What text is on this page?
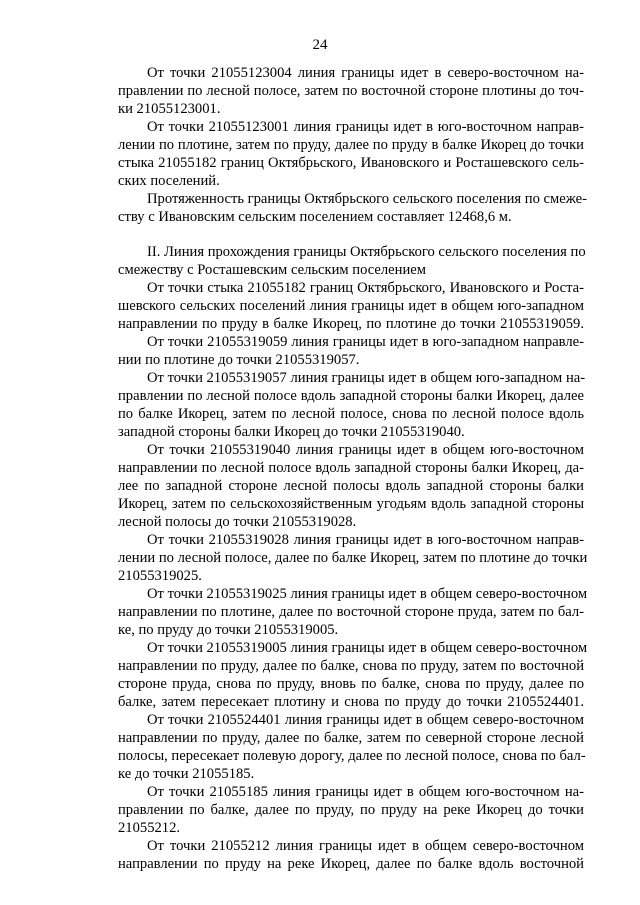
24
От точки 21055123004 линия границы идет в северо-восточном на-
правлении по лесной полосе, затем по восточной стороне плотины до точ-
ки 21055123001.
От точки 21055123001 линия границы идет в юго-восточном направ-
лении по плотине, затем по пруду, далее по пруду в балке Икорец до точки
стыка 21055182 границ Октябрьского, Ивановского и Росташевского сель-
ских поселений.
Протяженность границы Октябрьского сельского поселения по смеже-
ству с Ивановским сельским поселением составляет 12468,6 м.
II. Линия прохождения границы Октябрьского сельского поселения по
смежеству с Росташевским сельским поселением
От точки стыка 21055182 границ Октябрьского, Ивановского и Роста-
шевского сельских поселений линия границы идет в общем юго-западном
направлении по пруду в балке Икорец, по плотине до точки 21055319059.
От точки 21055319059 линия границы идет в юго-западном направле-
нии по плотине до точки 21055319057.
От точки 21055319057 линия границы идет в общем юго-западном на-
правлении по лесной полосе вдоль западной стороны балки Икорец, далее
по балке Икорец, затем по лесной полосе, снова по лесной полосе вдоль
западной стороны балки Икорец до точки 21055319040.
От точки 21055319040 линия границы идет в общем юго-восточном
направлении по лесной полосе вдоль западной стороны балки Икорец, да-
лее по западной стороне лесной полосы вдоль западной стороны балки
Икорец, затем по сельскохозяйственным угодьям вдоль западной стороны
лесной полосы до точки 21055319028.
От точки 21055319028 линия границы идет в юго-восточном направ-
лении по лесной полосе, далее по балке Икорец, затем по плотине до точки
21055319025.
От точки 21055319025 линия границы идет в общем северо-восточном
направлении по плотине, далее по восточной стороне пруда, затем по бал-
ке, по пруду до точки 21055319005.
От точки 21055319005 линия границы идет в общем северо-восточном
направлении по пруду, далее по балке, снова по пруду, затем по восточной
стороне пруда, снова по пруду, вновь по балке, снова по пруду, далее по
балке, затем пересекает плотину и снова по пруду до точки 2105524401.
От точки 2105524401 линия границы идет в общем северо-восточном
направлении по пруду, далее по балке, затем по северной стороне лесной
полосы, пересекает полевую дорогу, далее по лесной полосе, снова по бал-
ке до точки 21055185.
От точки 21055185 линия границы идет в общем юго-восточном на-
правлении по балке, далее по пруду, по пруду на реке Икорец до точки
21055212.
От точки 21055212 линия границы идет в общем северо-восточном
направлении по пруду на реке Икорец, далее по балке вдоль восточной
